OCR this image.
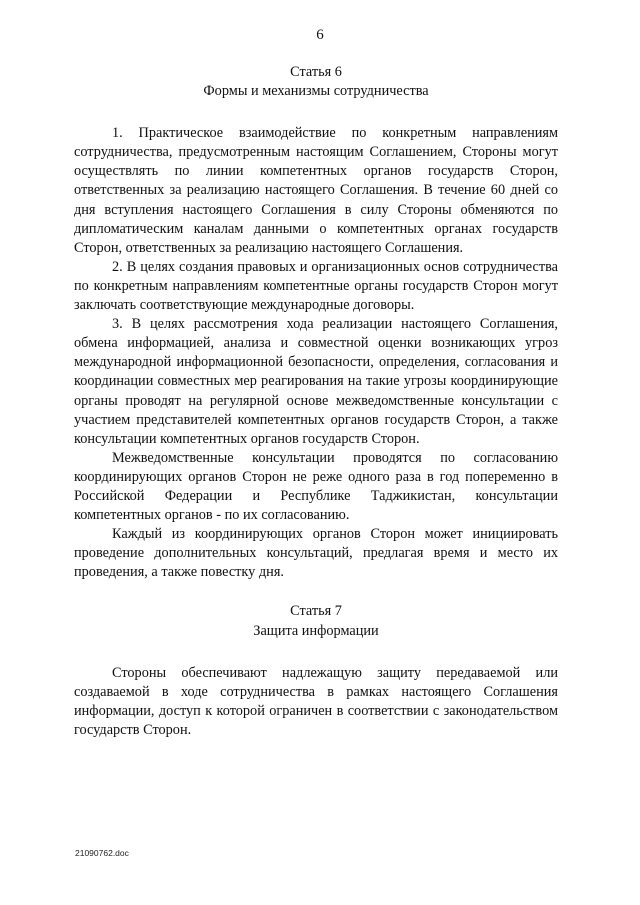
6

Статья 6

Формы и механизмы сотрудничества

1. Практическое взаимодействие по конкретным направлениям сотрудничества, предусмотренным настоящим Соглашением, Стороны могут осуществлять по линии компетентных органов государств Сторон, ответственных за реализацию настоящего Соглашения. В течение 60 дней со дня вступления настоящего Соглашения в силу Стороны обменяются по дипломатическим каналам данными о компетентных органах государств Сторон, ответственных за реализацию настоящего Соглашения.

2. В целях создания правовых и организационных основ сотрудничества по конкретным направлениям компетентные органы государств Сторон могут заключать соответствующие международные договоры.

3. В целях рассмотрения хода реализации настоящего Соглашения, обмена информацией, анализа и совместной оценки возникающих угроз международной информационной безопасности, определения, согласования и координации совместных мер реагирования на такие угрозы координирующие органы проводят на регулярной основе межведомственные консультации с участием представителей компетентных органов государств Сторон, а также консультации компетентных органов государств Сторон.

Межведомственные консультации проводятся по согласованию координирующих органов Сторон не реже одного раза в год попеременно в Российской Федерации и Республике Таджикистан, консультации компетентных органов - по их согласованию.

Каждый из координирующих органов Сторон может инициировать проведение дополнительных консультаций, предлагая время и место их проведения, а также повестку дня.

Статья 7

Защита информации

Стороны обеспечивают надлежащую защиту передаваемой или создаваемой в ходе сотрудничества в рамках настоящего Соглашения информации, доступ к которой ограничен в соответствии с законодательством государств Сторон.

21090762.doc
